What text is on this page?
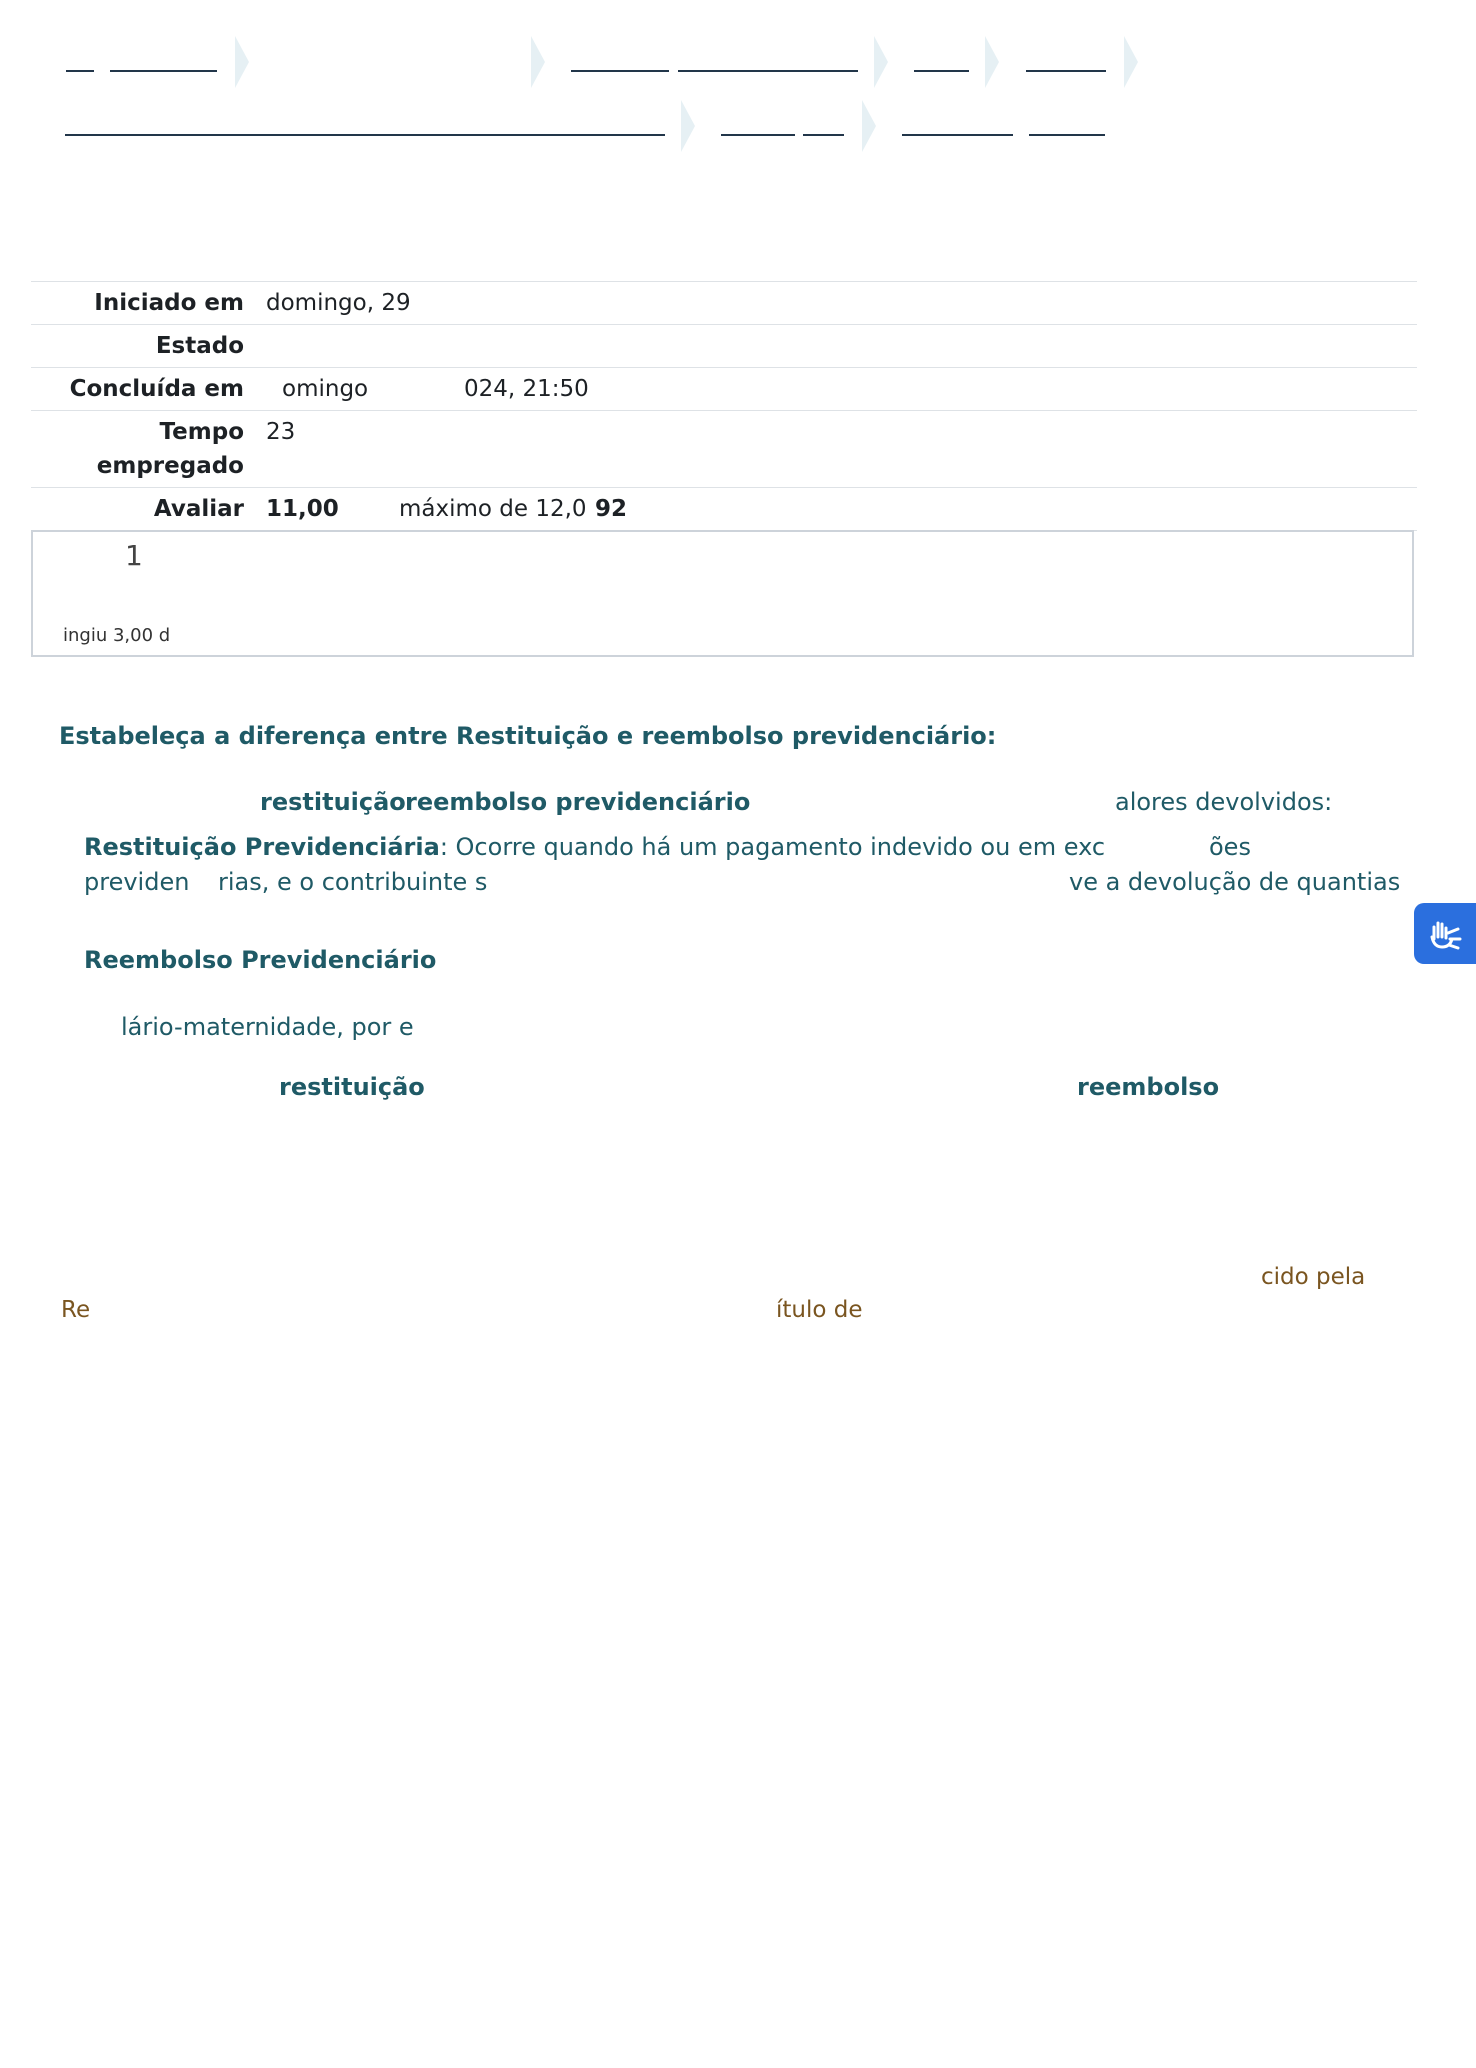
Iniciado em domingo, 29
Estado
Concluída em	omingo	024, 21:50
Tempo
empregado
23
Avaliar 11,00	máximo de 12,0 92
1
ingiu 3,00 d
Estabeleça a diferença entre Restituição e reembolso previdenciário:
restituição reembolso previdenciário	alores devolvidos:
Restituição Previdenciária: Ocorre quando há um pagamento indevido ou em exc	ões
previden rias, e o contribuinte s	ve a devolução de quantias
Reembolso Previdenciário
lário-maternidade, por e
restituição	reembolso
cido pela
Re	ítulo de
